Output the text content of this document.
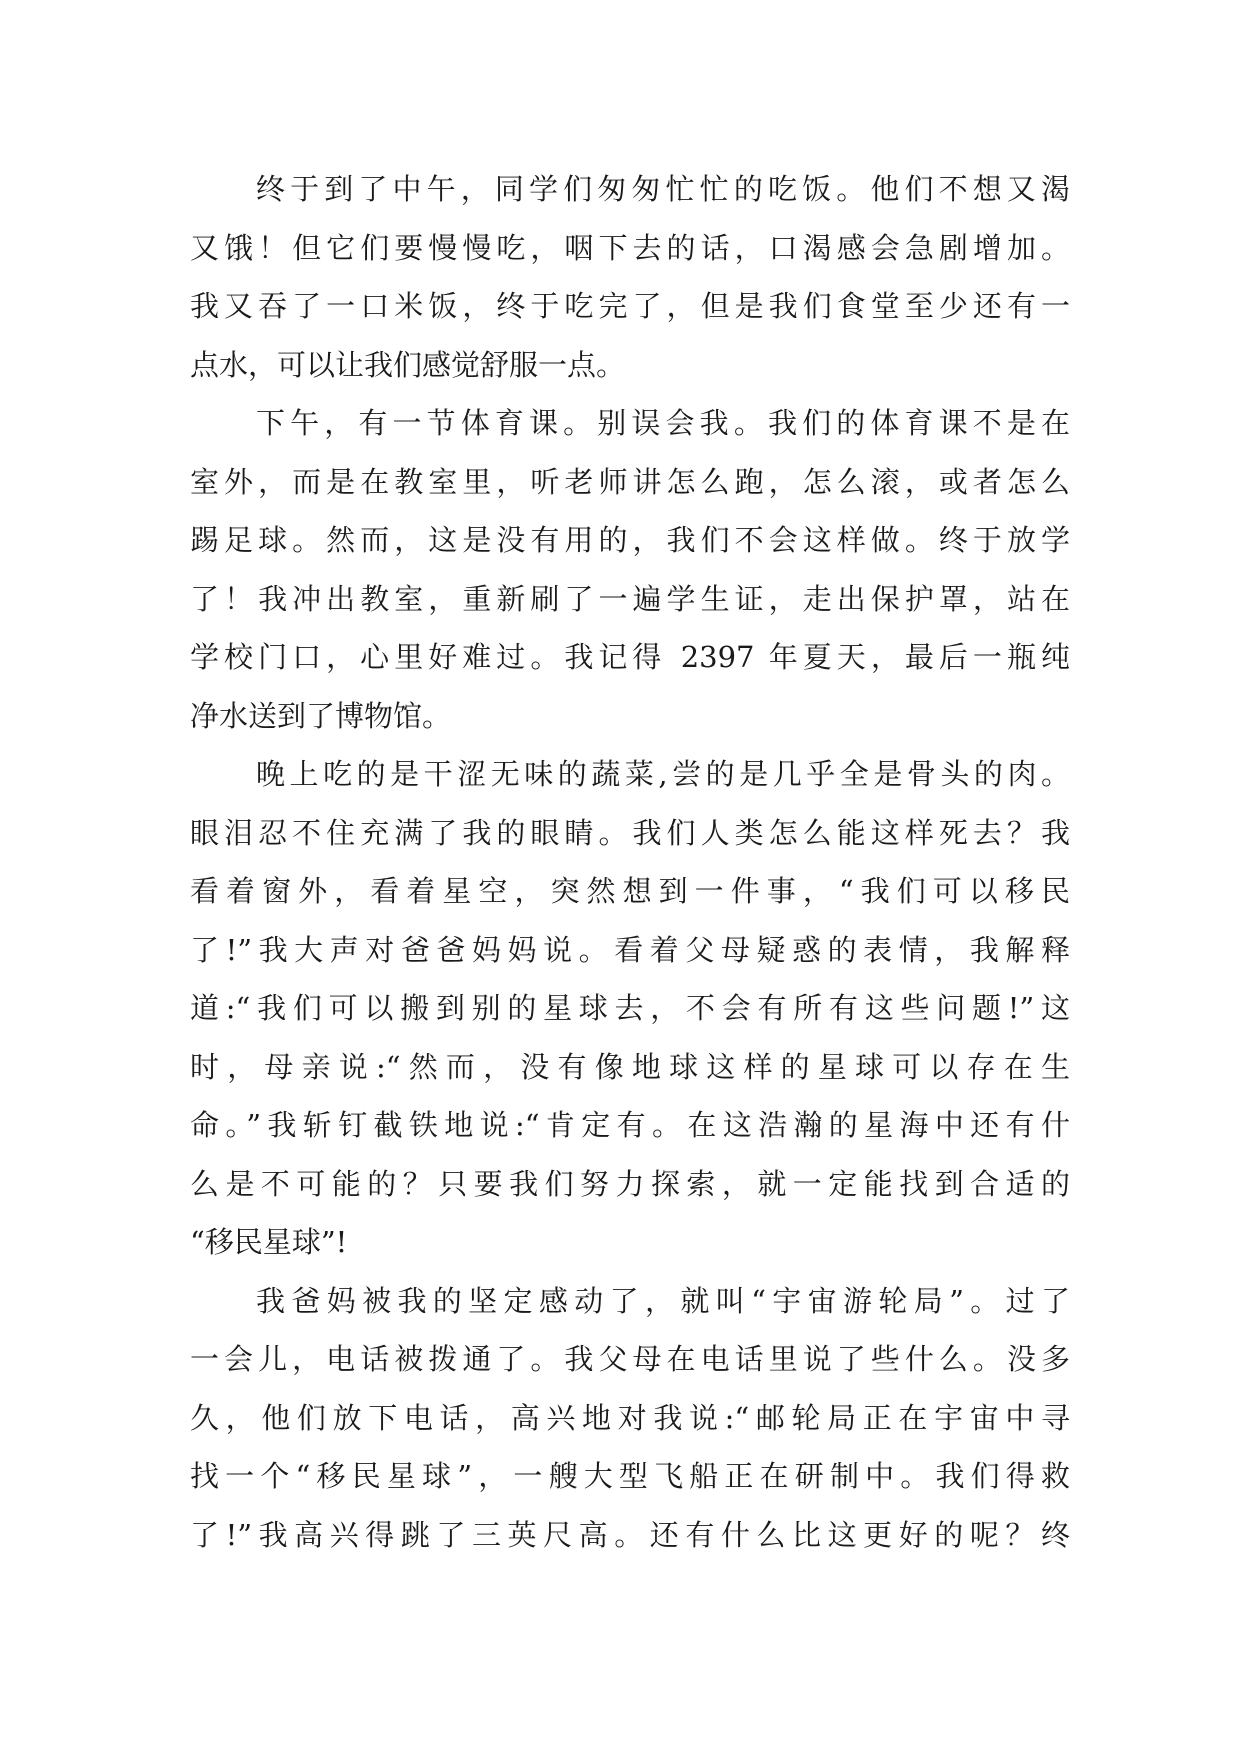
终于到了中午，同学们匆匆忙忙的吃饭。他们不想又渴
又饿！但它们要慢慢吃，咽下去的话，口渴感会急剧增加。
我又吞了一口米饭，终于吃完了，但是我们食堂至少还有一
点水，可以让我们感觉舒服一点。
下午，有一节体育课。别误会我。我们的体育课不是在
室外，而是在教室里，听老师讲怎么跑，怎么滚，或者怎么
踢足球。然而，这是没有用的，我们不会这样做。终于放学
了！我冲出教室，重新刷了一遍学生证，走出保护罩，站在
学校门口，心里好难过。我记得 2397 年夏天，最后一瓶纯
净水送到了博物馆。
晚上吃的是干涩无味的蔬菜,尝的是几乎全是骨头的肉。
眼泪忍不住充满了我的眼睛。我们人类怎么能这样死去？我
看着窗外，看着星空，突然想到一件事，“我们可以移民
了!”我大声对爸爸妈妈说。看着父母疑惑的表情，我解释
道:“我们可以搬到别的星球去，不会有所有这些问题!”这
时，母亲说:“然而，没有像地球这样的星球可以存在生
命。”我斩钉截铁地说:“肯定有。在这浩瀚的星海中还有什
么是不可能的？只要我们努力探索，就一定能找到合适的
“移民星球”!
我爸妈被我的坚定感动了，就叫“宇宙游轮局”。过了
一会儿，电话被拨通了。我父母在电话里说了些什么。没多
久，他们放下电话，高兴地对我说:“邮轮局正在宇宙中寻
找一个“移民星球”，一艘大型飞船正在研制中。我们得救
了!”我高兴得跳了三英尺高。还有什么比这更好的呢？终
